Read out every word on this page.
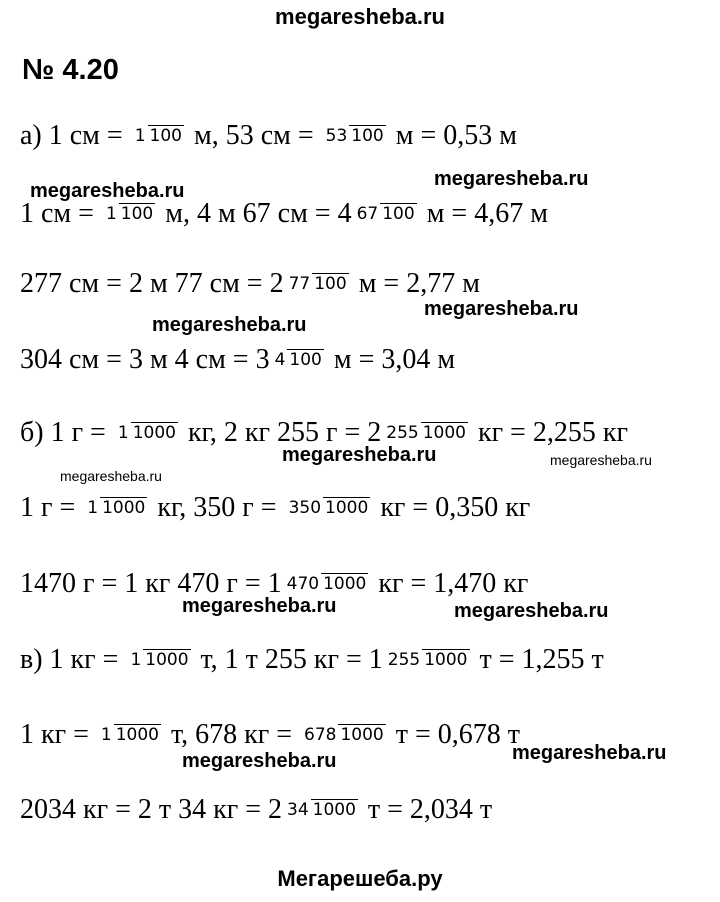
megaresheba.ru
№ 4.20
а) 1 см = 1 100 м, 53 см = 53 100 м = 0,53 м
1 см = 1 100 м, 4 м 67 см = 4 67 100 м = 4,67 м
277 см = 2 м 77 см = 2 77 100 м = 2,77 м
304 см = 3 м 4 см = 3 4 100 м = 3,04 м
б) 1 г = 1 1000 кг, 2 кг 255 г = 2 255 1000 кг = 2,255 кг
1 г = 1 1000 кг, 350 г = 350 1000 кг = 0,350 кг
1470 г = 1 кг 470 г = 1 470 1000 кг = 1,470 кг
в) 1 кг = 1 1000 т, 1 т 255 кг = 1 255 1000 т = 1,255 т
1 кг = 1 1000 т, 678 кг = 678 1000 т = 0,678 т
2034 кг = 2 т 34 кг = 2 34 1000 т = 2,034 т
megaresheba.ru
megaresheba.ru
megaresheba.ru
megaresheba.ru
megaresheba.ru
megaresheba.ru
megaresheba.ru
megaresheba.ru	megaresheba.ru
megaresheba.ru	megaresheba.ru
Мегарешеба.ру
